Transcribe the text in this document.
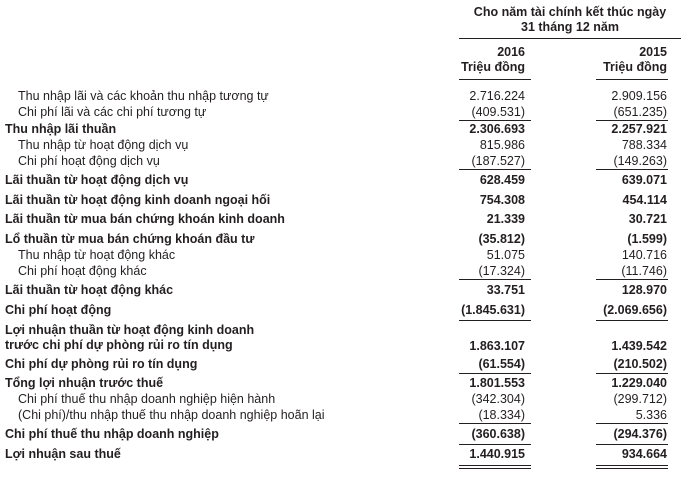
Cho năm tài chính kết thúc ngày
31 tháng 12 năm
2016
Triệu đồng
2015
Triệu đồng
Thu nhập lãi và các khoản thu nhập tương tự	2.716.224	2.909.156
Chi phí lãi và các chi phí tương tự	(409.531)	(651.235)
Thu nhập lãi thuần	2.306.693	2.257.921
Thu nhập từ hoạt động dịch vụ	815.986	788.334
Chi phí hoạt động dịch vụ	(187.527)	(149.263)
Lãi thuần từ hoạt động dịch vụ	628.459	639.071
Lãi thuần từ hoạt động kinh doanh ngoại hối	754.308	454.114
Lãi thuần từ mua bán chứng khoán kinh doanh	21.339	30.721
Lổ thuần từ mua bán chứng khoán đầu tư	(35.812)	(1.599)
Thu nhập từ hoạt động khác	51.075	140.716
Chi phí hoạt động khác	(17.324)	(11.746)
Lãi thuần từ hoạt động khác	33.751	128.970
Chi phí hoạt động	(1.845.631)	(2.069.656)
Lợi nhuận thuần từ hoạt động kinh doanh
trước chi phí dự phòng rủi ro tín dụng	1.863.107	1.439.542
Chi phí dự phòng rủi ro tín dụng	(61.554)	(210.502)
Tổng lợi nhuận trước thuế	1.801.553	1.229.040
Chi phí thuế thu nhập doanh nghiệp hiện hành	(342.304)	(299.712)
(Chi phí)/thu nhập thuế thu nhập doanh nghiệp hoãn lại	(18.334)	5.336
Chi phí thuế thu nhập doanh nghiệp	(360.638)	(294.376)
Lợi nhuận sau thuế	1.440.915	934.664
